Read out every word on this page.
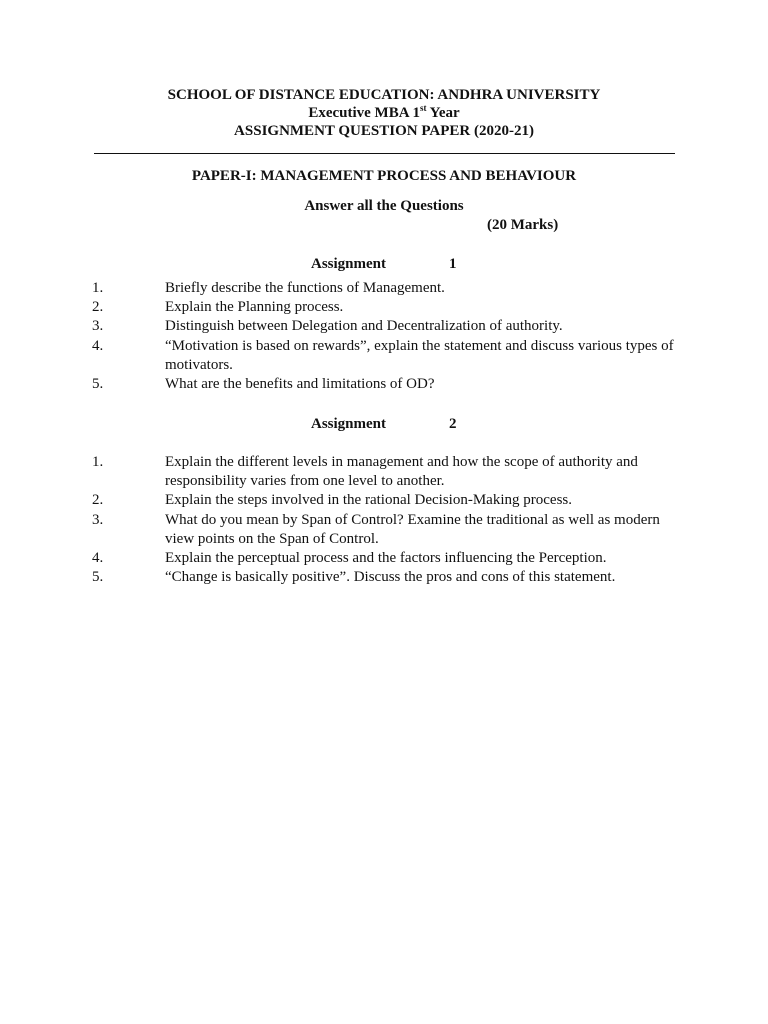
SCHOOL OF DISTANCE EDUCATION: ANDHRA UNIVERSITY
Executive MBA 1st Year
ASSIGNMENT QUESTION PAPER (2020-21)
PAPER-I: MANAGEMENT PROCESS AND BEHAVIOUR
Answer all the Questions
(20 Marks)
Assignment	1
1.	Briefly describe the functions of Management.
2.	Explain the Planning process.
3.	Distinguish between Delegation and Decentralization of authority.
4.	“Motivation is based on rewards”, explain the statement and discuss various types of motivators.
5.	What are the benefits and limitations of OD?
Assignment	2
1.	Explain the different levels in management and how the scope of authority and responsibility varies from one level to another.
2.	Explain the steps involved in the rational Decision-Making process.
3.	What do you mean by Span of Control? Examine the traditional as well as modern view points on the Span of Control.
4.	Explain the perceptual process and the factors influencing the Perception.
5.	“Change is basically positive”. Discuss the pros and cons of this statement.
